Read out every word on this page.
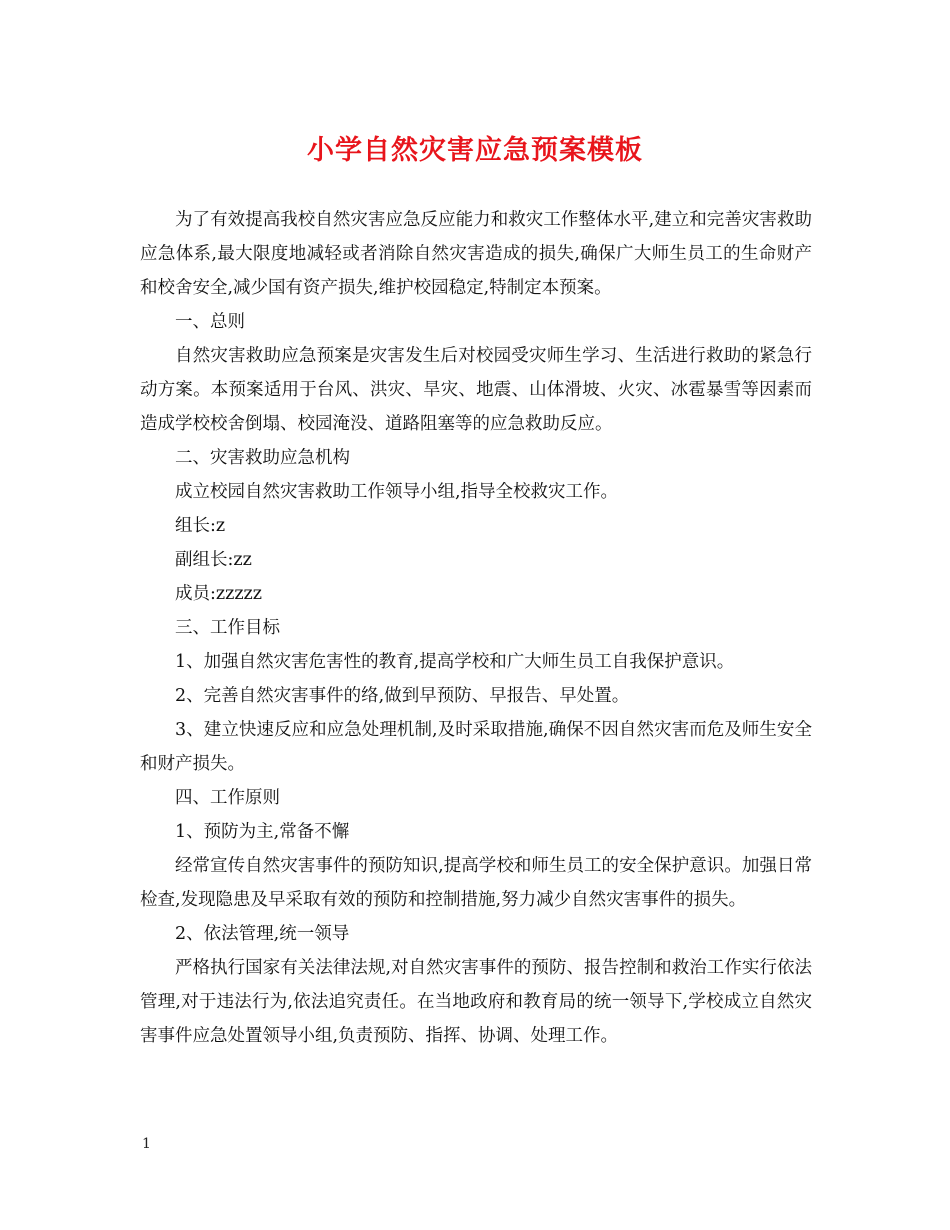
小学自然灾害应急预案模板

为了有效提高我校自然灾害应急反应能力和救灾工作整体水平,建立和完善灾害救助应急体系,最大限度地减轻或者消除自然灾害造成的损失,确保广大师生员工的生命财产和校舍安全,减少国有资产损失,维护校园稳定,特制定本预案。

一、总则

自然灾害救助应急预案是灾害发生后对校园受灾师生学习、生活进行救助的紧急行动方案。本预案适用于台风、洪灾、旱灾、地震、山体滑坡、火灾、冰雹暴雪等因素而造成学校校舍倒塌、校园淹没、道路阻塞等的应急救助反应。

二、灾害救助应急机构

成立校园自然灾害救助工作领导小组,指导全校救灾工作。

组长:z

副组长:zz

成员:zzzzz

三、工作目标

1、加强自然灾害危害性的教育,提高学校和广大师生员工自我保护意识。

2、完善自然灾害事件的络,做到早预防、早报告、早处置。

3、建立快速反应和应急处理机制,及时采取措施,确保不因自然灾害而危及师生安全和财产损失。

四、工作原则

1、预防为主,常备不懈

经常宣传自然灾害事件的预防知识,提高学校和师生员工的安全保护意识。加强日常检查,发现隐患及早采取有效的预防和控制措施,努力减少自然灾害事件的损失。

2、依法管理,统一领导

严格执行国家有关法律法规,对自然灾害事件的预防、报告控制和救治工作实行依法管理,对于违法行为,依法追究责任。在当地政府和教育局的统一领导下,学校成立自然灾害事件应急处置领导小组,负责预防、指挥、协调、处理工作。

1
